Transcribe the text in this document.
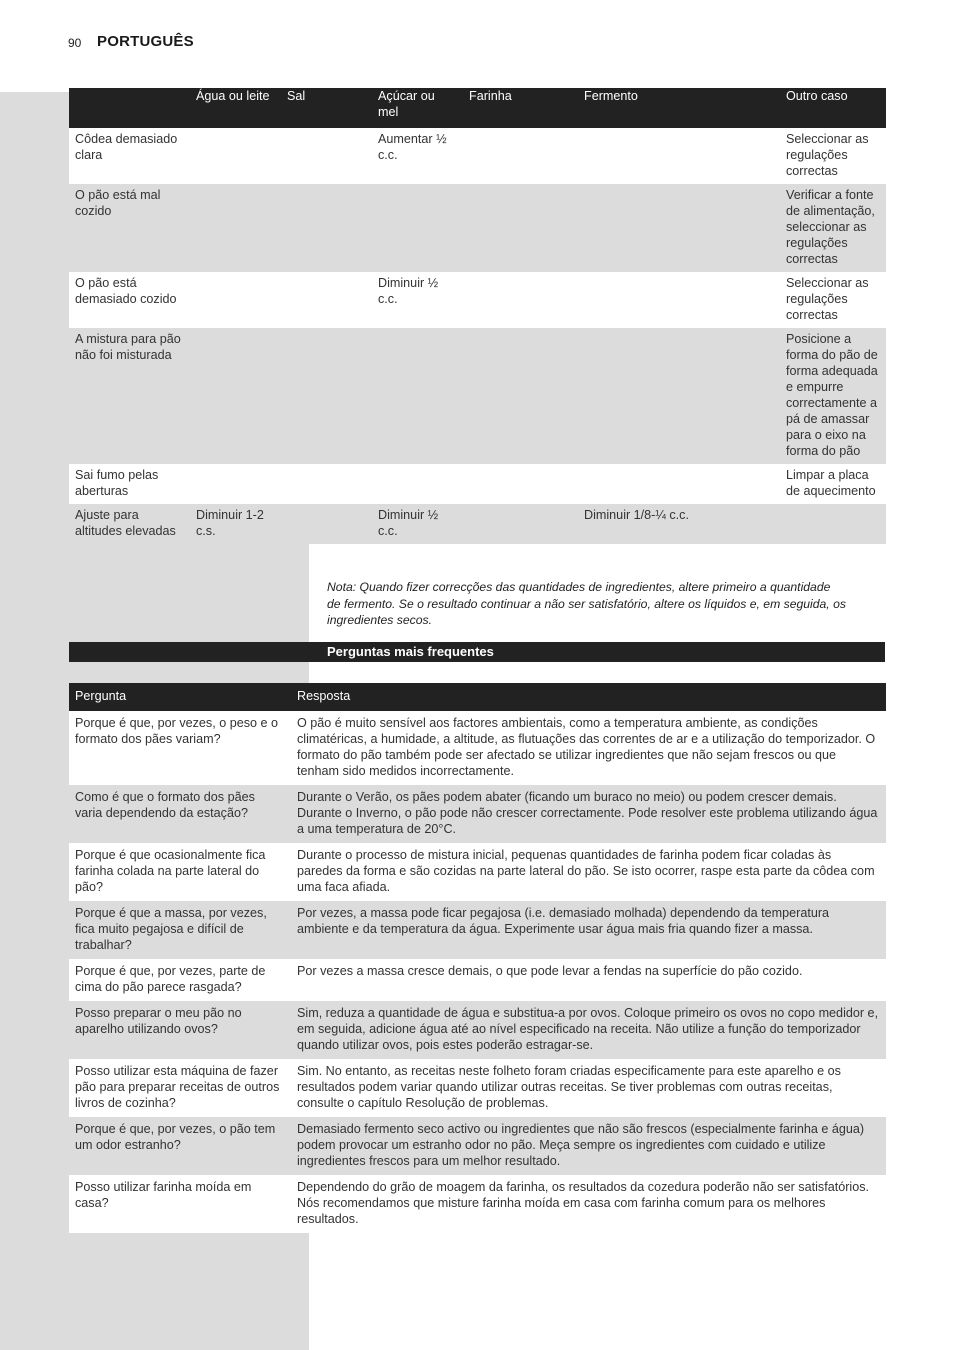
90 PORTUGUÊS
	Água ou leite	Sal	Açúcar ou mel	Farinha	Fermento	Outro caso
Côdea demasiado clara			Aumentar ½ c.c.			Seleccionar as regulações correctas
O pão está mal cozido						Verificar a fonte de alimentação, seleccionar as regulações correctas
O pão está demasiado cozido			Diminuir ½ c.c.			Seleccionar as regulações correctas
A mistura para pão não foi misturada						Posicione a forma do pão de forma adequada e empurre correctamente a pá de amassar para o eixo na forma do pão
Sai fumo pelas aberturas						Limpar a placa de aquecimento
Ajuste para altitudes elevadas	Diminuir 1-2 c.s.		Diminuir ½ c.c.		Diminuir 1/8-¼ c.c.	
Nota: Quando fizer correcções das quantidades de ingredientes, altere primeiro a quantidade de fermento. Se o resultado continuar a não ser satisfatório, altere os líquidos e, em seguida, os ingredientes secos.
Perguntas mais frequentes
Pergunta	Resposta
Porque é que, por vezes, o peso e o formato dos pães variam?	O pão é muito sensível aos factores ambientais, como a temperatura ambiente, as condições climatéricas, a humidade, a altitude, as flutuações das correntes de ar e a utilização do temporizador. O formato do pão também pode ser afectado se utilizar ingredientes que não sejam frescos ou que tenham sido medidos incorrectamente.
Como é que o formato dos pães varia dependendo da estação?	Durante o Verão, os pães podem abater (ficando um buraco no meio) ou podem crescer demais. Durante o Inverno, o pão pode não crescer correctamente. Pode resolver este problema utilizando água a uma temperatura de 20°C.
Porque é que ocasionalmente fica farinha colada na parte lateral do pão?	Durante o processo de mistura inicial, pequenas quantidades de farinha podem ficar coladas às paredes da forma e são cozidas na parte lateral do pão. Se isto ocorrer, raspe esta parte da côdea com uma faca afiada.
Porque é que a massa, por vezes, fica muito pegajosa e difícil de trabalhar?	Por vezes, a massa pode ficar pegajosa (i.e. demasiado molhada) dependendo da temperatura ambiente e da temperatura da água. Experimente usar água mais fria quando fizer a massa.
Porque é que, por vezes, parte de cima do pão parece rasgada?	Por vezes a massa cresce demais, o que pode levar a fendas na superfície do pão cozido.
Posso preparar o meu pão no aparelho utilizando ovos?	Sim, reduza a quantidade de água e substitua-a por ovos. Coloque primeiro os ovos no copo medidor e, em seguida, adicione água até ao nível especificado na receita. Não utilize a função do temporizador quando utilizar ovos, pois estes poderão estragar-se.
Posso utilizar esta máquina de fazer pão para preparar receitas de outros livros de cozinha?	Sim. No entanto, as receitas neste folheto foram criadas especificamente para este aparelho e os resultados podem variar quando utilizar outras receitas. Se tiver problemas com outras receitas, consulte o capítulo Resolução de problemas.
Porque é que, por vezes, o pão tem um odor estranho?	Demasiado fermento seco activo ou ingredientes que não são frescos (especialmente farinha e água) podem provocar um estranho odor no pão. Meça sempre os ingredientes com cuidado e utilize ingredientes frescos para um melhor resultado.
Posso utilizar farinha moída em casa?	Dependendo do grão de moagem da farinha, os resultados da cozedura poderão não ser satisfatórios. Nós recomendamos que misture farinha moída em casa com farinha comum para os melhores resultados.
